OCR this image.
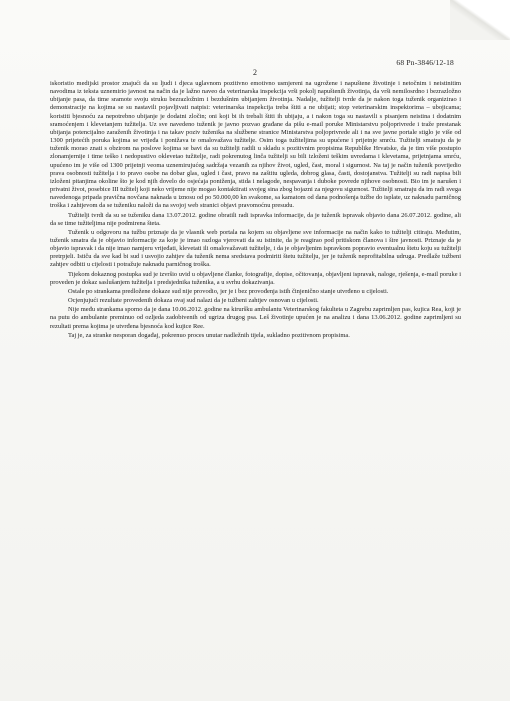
68 Pn-3846/12-18
2

iskoristio medijski prostor znajući da su ljudi i djeca uglavnom pozitivno emotivno usmjereni na ugrožene i napuštene životinje i netočnim i neistinitim navodima iz teksta uznemirio javnost na način da je lažno naveo da veterinarska inspekcija vrši pokolj napuštenih životinja, da vrši nemilosrdno i bezrazložno ubijanje pasa, da time sramote svoju struku bezrazložnim i bezdušnim ubijanjem životinja. Nadalje, tužitelji tvrde da je nakon toga tuženik organizirao i demonstracije na kojima se su nastavili pojavljivati natpisi: veterinarska inspekcija treba štiti a ne ubijati; stop veterinarskim inspektorima – ubojicama; koristiti bjesnoću za nepotrebno ubijanje je dodatni zločin; oni koji bi ih trebali štiti ih ubijaju, a i nakon toga su nastavili s pisanjem neistina i dodatnim sramoćenjem i klevetanjem tužitelja. Uz sve navedeno tuženik je javno pozvao građane da pišu e-mail poruke Ministarstvu poljoprivrede i traže prestanak ubijanja potencijalno zaraženih životinja i na takav poziv tuženika na službene stranice Ministarstva poljoprivrede ali i na sve javne portale stiglo je više od 1300 prijetećih poruka kojima se vrijeđa i ponižava te omalovažava tužitelje. Osim toga tužiteljima su upućene i prijetnje smrću. Tužitelji smatraju da je tuženik morao znati s obzirom na poslove kojima se bavi da su tužitelji radili u skladu s pozitivnim propisima Republike Hrvatske, da je tim više postupio zlonamjernije i time teško i nedopustivo oklevetao tužitelje, radi pokrenutog linča tužitelji su bili izloženi teškim uvredama i klevetama, prijetnjama smrću, upućeno im je više od 1300 prijetnji veoma uznemirujućeg sadržaja vezanih za njihov život, ugled, čast, moral i sigurnost. Na taj je način tuženik povrijedio prava osobnosti tužitelja i to pravo osobe na dobar glas, ugled i čast, pravo na zaštitu ugleda, dobrog glasa, časti, dostojanstva. Tužitelji su radi napisa bili izloženi pitanjima okoline što je kod njih dovelo do osjećaja poniženja, stida i nelagode, nespavanja i duboke povrede njihove osobnosti. Bio im je narušen i privatni život, posebice III tužitelj koji neko vrijeme nije mogao kontaktirati svojeg sina zbog bojazni za njegovu sigurnost. Tužitelji smatraju da im radi svega navedenoga pripada pravična novčana naknada u iznosu od po 50.000,00 kn svakome, sa kamatom od dana podnošenja tužbe do isplate, uz naknadu parničnog troška i zahtjevom da se tuženiku naloži da na svojoj web stranici objavi pravomoćnu presudu.

Tužitelji tvrdi da su se tuženiku dana 13.07.2012. godine obratili radi ispravka informacije, da je tuženik ispravak objavio dana 26.07.2012. godine, ali da se time tužiteljima nije podmirena šteta.

Tuženik u odgovoru na tužbu priznaje da je vlasnik web portala na kojem su objavljene sve informacije na način kako to tužitelji citiraju. Međutim, tuženik smatra da je objavio informacije za koje je imao razloga vjerovati da su istinite, da je reagirao pod pritiskom članova i šire javnosti. Priznaje da je objavio ispravak i da nije imao namjeru vrijeđati, klevetati ili omalovažavati tužitelje, i da je objavljenim ispravkom popravio eventualnu štetu koju su tužitelji pretrpjeli. Ističu da sve kad bi sud i usvojio zahtjev da tuženik nema sredstava podmiriti štetu tužitelju, jer je tuženik neprofitabilna udruga. Predlaže tužbeni zahtjev odbiti u cijelosti i potražuje naknadu parničnog troška.

Tijekom dokaznog postupka sud je izvršio uvid u objavljene članke, fotografije, dopise, očitovanja, objavljeni ispravak, naloge, rješenja, e-mail poruke i proveden je dokaz saslušanjem tužitelja i predsjednika tuženika, a u svrhu dokazivanja.

Ostale po strankama predložene dokaze sud nije provodio, jer je i bez provođenja istih činjenično stanje utvrđeno u cijelosti.

Ocjenjujući rezultate provedenih dokaza ovaj sud nalazi da je tužbeni zahtjev osnovan u cijelosti.

Nije među strankama sporno da je dana 10.06.2012. godine na kiruršku ambulantu Veterinarskog fakulteta u Zagrebu zaprimljen pas, kujica Rea, koji je na putu do ambulante preminuo od ozljeda zadobivenih od ugriza drugog psa. Leš životinje upućen je na analizu i dana 13.06.2012. godine zaprimljeni su rezultati prema kojima je utvrđena bjesnoća kod kujice Ree.

Taj je, za stranke nesporan događaj, pokrenuo proces unutar nadležnih tijela, sukladno pozitivnom propisima.
